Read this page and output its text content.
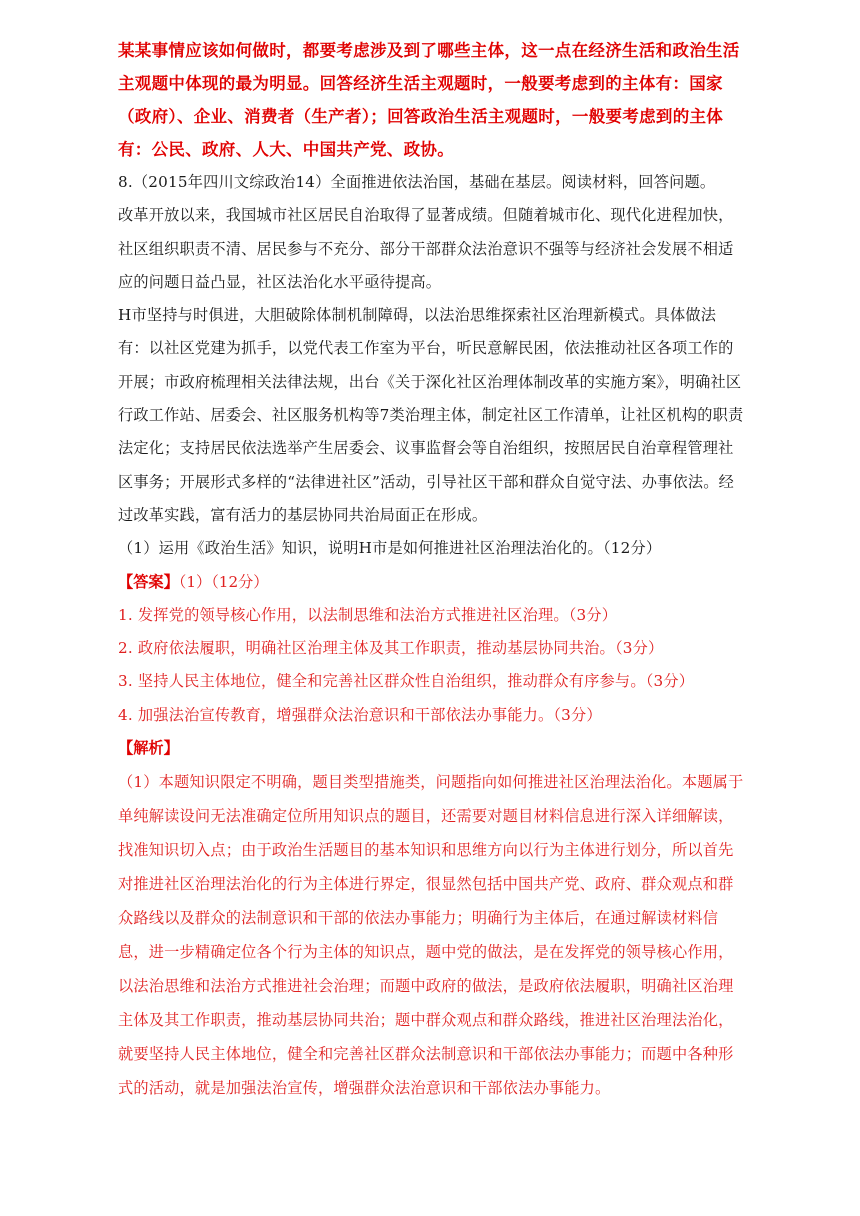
某某事情应该如何做时，都要考虑涉及到了哪些主体，这一点在经济生活和政治生活主观题中体现的最为明显。回答经济生活主观题时，一般要考虑到的主体有：国家（政府）、企业、消费者（生产者）；回答政治生活主观题时，一般要考虑到的主体有：公民、政府、人大、中国共产党、政协。

8.（2015年四川文综政治14）全面推进依法治国，基础在基层。阅读材料，回答问题。

改革开放以来，我国城市社区居民自治取得了显著成绩。但随着城市化、现代化进程加快，社区组织职责不清、居民参与不充分、部分干部群众法治意识不强等与经济社会发展不相适应的问题日益凸显，社区法治化水平亟待提高。

H市坚持与时俱进，大胆破除体制机制障碍，以法治思维探索社区治理新模式。具体做法有：以社区党建为抓手，以党代表工作室为平台，听民意解民困，依法推动社区各项工作的开展；市政府梳理相关法律法规，出台《关于深化社区治理体制改革的实施方案》，明确社区行政工作站、居委会、社区服务机构等7类治理主体，制定社区工作清单，让社区机构的职责法定化；支持居民依法选举产生居委会、议事监督会等自治组织，按照居民自治章程管理社区事务；开展形式多样的“法律进社区”活动，引导社区干部和群众自觉守法、办事依法。经过改革实践，富有活力的基层协同共治局面正在形成。

（1）运用《政治生活》知识，说明H市是如何推进社区治理法治化的。（12分）

【答案】（1）（12分）

1. 发挥党的领导核心作用，以法制思维和法治方式推进社区治理。（3分）

2. 政府依法履职，明确社区治理主体及其工作职责，推动基层协同共治。（3分）

3. 坚持人民主体地位，健全和完善社区群众性自治组织，推动群众有序参与。（3分）

4. 加强法治宣传教育，增强群众法治意识和干部依法办事能力。（3分）

【解析】

（1）本题知识限定不明确，题目类型措施类，问题指向如何推进社区治理法治化。本题属于单纯解读设问无法准确定位所用知识点的题目，还需要对题目材料信息进行深入详细解读，找准知识切入点；由于政治生活题目的基本知识和思维方向以行为主体进行划分，所以首先对推进社区治理法治化的行为主体进行界定，很显然包括中国共产党、政府、群众观点和群众路线以及群众的法制意识和干部的依法办事能力；明确行为主体后，在通过解读材料信息，进一步精确定位各个行为主体的知识点，题中党的做法，是在发挥党的领导核心作用，以法治思维和法治方式推进社会治理；而题中政府的做法，是政府依法履职，明确社区治理主体及其工作职责，推动基层协同共治；题中群众观点和群众路线，推进社区治理法治化，就要坚持人民主体地位，健全和完善社区群众法制意识和干部依法办事能力；而题中各种形式的活动，就是加强法治宣传，增强群众法治意识和干部依法办事能力。
